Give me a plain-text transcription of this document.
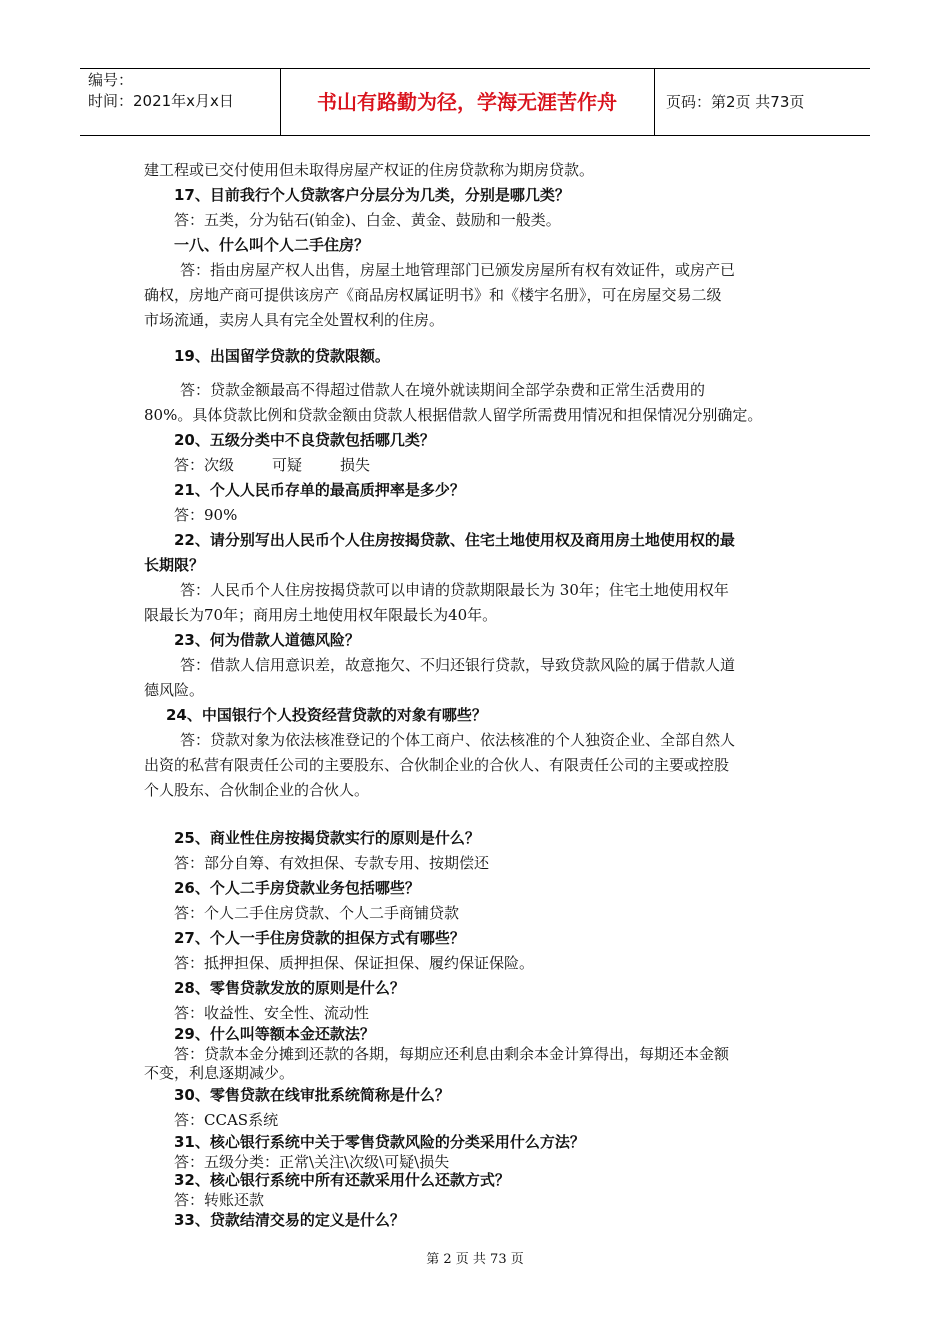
编号：
时间：2021年x月x日	书山有路勤为径，学海无涯苦作舟	页码：第2页 共73页
建工程或已交付使用但未取得房屋产权证的住房贷款称为期房贷款。
17、目前我行个人贷款客户分层分为几类，分别是哪几类？
答：五类，分为钻石(铂金)、白金、黄金、鼓励和一般类。
一八、什么叫个人二手住房？
答：指由房屋产权人出售，房屋土地管理部门已颁发房屋所有权有效证件，或房产已
确权，房地产商可提供该房产《商品房权属证明书》和《楼宇名册》，可在房屋交易二级
市场流通，卖房人具有完全处置权利的住房。
19、出国留学贷款的贷款限额。
答：贷款金额最高不得超过借款人在境外就读期间全部学杂费和正常生活费用的
80%。具体贷款比例和贷款金额由贷款人根据借款人留学所需费用情况和担保情况分别确定。
20、五级分类中不良贷款包括哪几类？
答：次级	可疑	损失
21、个人人民币存单的最高质押率是多少？
答：90%
22、请分别写出人民币个人住房按揭贷款、住宅土地使用权及商用房土地使用权的最
长期限？
答：人民币个人住房按揭贷款可以申请的贷款期限最长为 30年；住宅土地使用权年
限最长为70年；商用房土地使用权年限最长为40年。
23、何为借款人道德风险？
答：借款人信用意识差，故意拖欠、不归还银行贷款，导致贷款风险的属于借款人道
德风险。
24、中国银行个人投资经营贷款的对象有哪些？
答：贷款对象为依法核准登记的个体工商户、依法核准的个人独资企业、全部自然人
出资的私营有限责任公司的主要股东、合伙制企业的合伙人、有限责任公司的主要或控股
个人股东、合伙制企业的合伙人。
25、商业性住房按揭贷款实行的原则是什么？
答：部分自筹、有效担保、专款专用、按期偿还
26、个人二手房贷款业务包括哪些？
答：个人二手住房贷款、个人二手商铺贷款
27、个人一手住房贷款的担保方式有哪些？
答：抵押担保、质押担保、保证担保、履约保证保险。
28、零售贷款发放的原则是什么？
答：收益性、安全性、流动性
29、什么叫等额本金还款法？
答：贷款本金分摊到还款的各期，每期应还利息由剩余本金计算得出，每期还本金额
不变，利息逐期减少。
30、零售贷款在线审批系统简称是什么？
答：CCAS系统
31、核心银行系统中关于零售贷款风险的分类采用什么方法？
答：五级分类：正常\关注\次级\可疑\损失
32、核心银行系统中所有还款采用什么还款方式？
答：转账还款
33、贷款结清交易的定义是什么？
第 2 页 共 73 页
